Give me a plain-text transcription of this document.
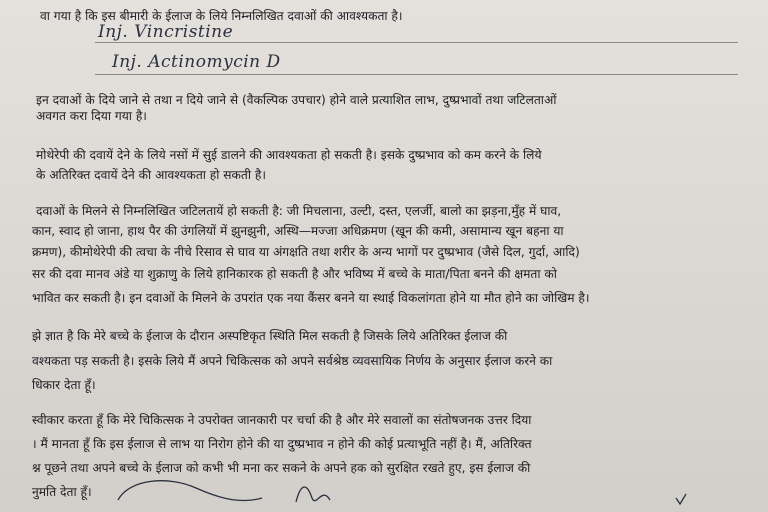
वा गया है कि इस बीमारी के ईलाज के लिये निम्नलिखित दवाओं की आवश्यकता है।
Inj. Vincristine
Inj. Actinomycin D
इन दवाओं के दिये जाने से तथा न दिये जाने से (वैकल्पिक उपचार) होने वाले प्रत्याशित लाभ, दुष्प्रभावों तथा जटिलताओं
अवगत करा दिया गया है।
मोथेरेपी की दवायें देने के लिये नसों में सुई डालने की आवश्यकता हो सकती है। इसके दुष्प्रभाव को कम करने के लिये
के अतिरिक्त दवायें देने की आवश्यकता हो सकती है।
दवाओं के मिलने से निम्नलिखित जटिलतायें हो सकती है: जी मिचलाना, उल्टी, दस्त, एलर्जी, बालो का झड़ना,मुँह में घाव,
कान, स्वाद हो जाना, हाथ पैर की उंगलियों में झुनझुनी, अस्थि—मज्जा अधिक्रमण (खून की कमी, असामान्य खून बहना या
क्रमण), कीमोथेरेपी की त्वचा के नीचे रिसाव से घाव या अंगक्षति तथा शरीर के अन्य भागों पर दुष्प्रभाव (जैसे दिल, गुर्दा, आदि)
सर की दवा मानव अंडे या शुक्राणु के लिये हानिकारक हो सकती है और भविष्य में बच्चे के माता/पिता बनने की क्षमता को
भावित कर सकती है। इन दवाओं के मिलने के उपरांत एक नया कैंसर बनने या स्थाई विकलांगता होने या मौत होने का जोखिम है।
झे ज्ञात है कि मेरे बच्चे के ईलाज के दौरान अस्पष्टिकृत स्थिति मिल सकती है जिसके लिये अतिरिक्त ईलाज की
वश्यकता पड़ सकती है। इसके लिये मैं अपने चिकित्सक को अपने सर्वश्रेष्ठ व्यवसायिक निर्णय के अनुसार ईलाज करने का
धिकार देता हूँ।
स्वीकार करता हूँ कि मेरे चिकित्सक ने उपरोक्त जानकारी पर चर्चा की है और मेरे सवालों का संतोषजनक उत्तर दिया
। मैं मानता हूँ कि इस ईलाज से लाभ या निरोग होने की या दुष्प्रभाव न होने की कोई प्रत्याभूति नहीं है। मैं, अतिरिक्त
श्न पूछने तथा अपने बच्चे के ईलाज को कभी भी मना कर सकने के अपने हक को सुरक्षित रखते हुए, इस ईलाज की
नुमति देता हूँ।
